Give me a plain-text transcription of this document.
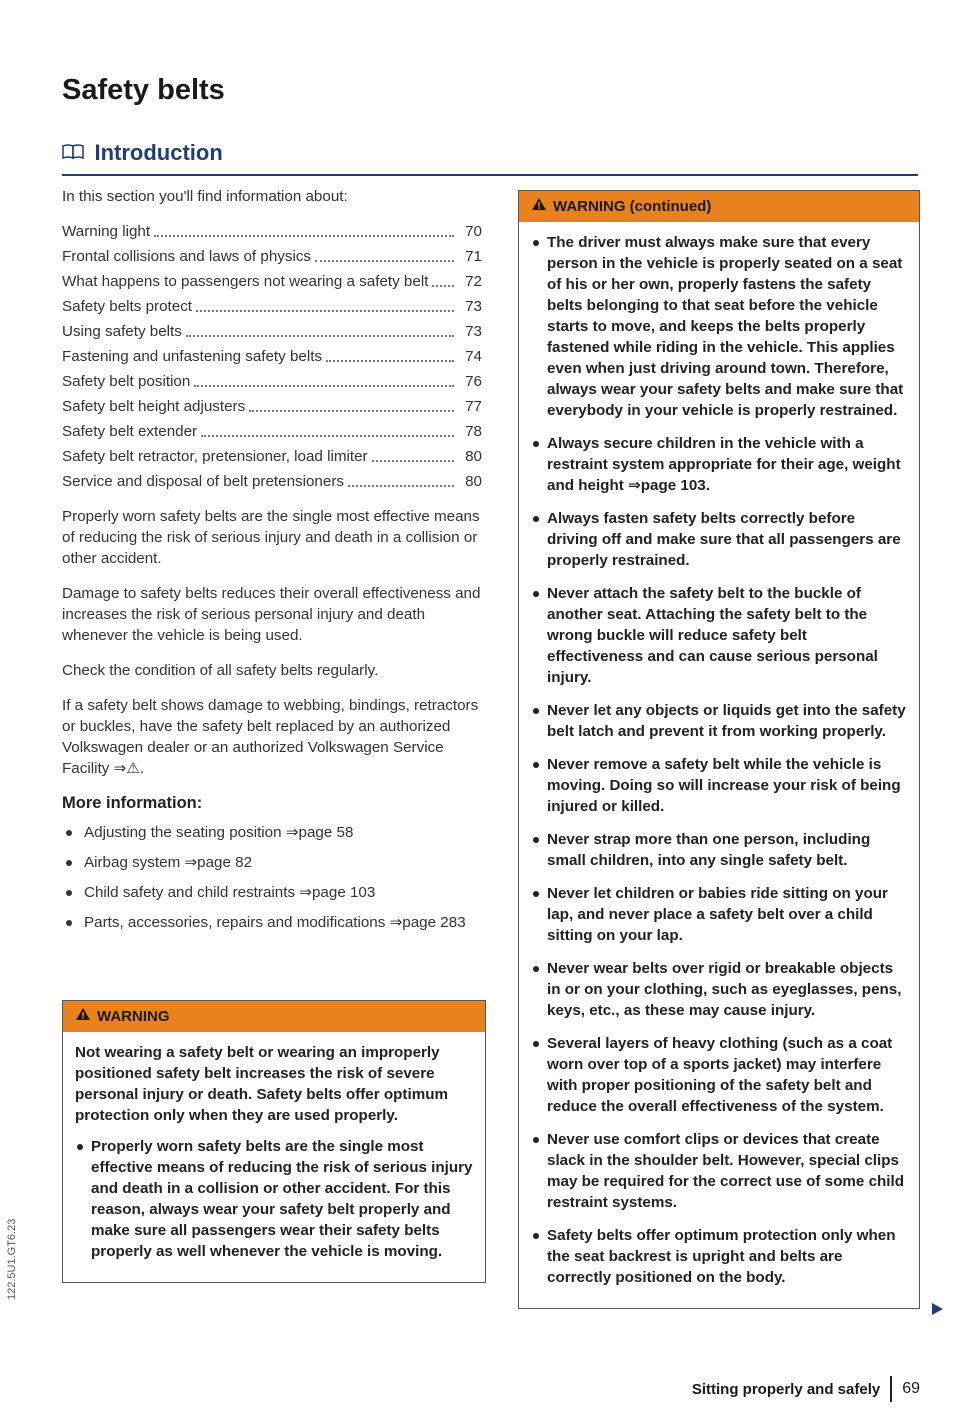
Safety belts
Introduction

In this section you'll find information about:

Warning light	70
Frontal collisions and laws of physics	71
What happens to passengers not wearing a safety belt	72
Safety belts protect	73
Using safety belts	73
Fastening and unfastening safety belts	74
Safety belt position	76
Safety belt height adjusters	77
Safety belt extender	78
Safety belt retractor, pretensioner, load limiter	80
Service and disposal of belt pretensioners	80

Properly worn safety belts are the single most effective means of reducing the risk of serious injury and death in a collision or other accident.

Damage to safety belts reduces their overall effectiveness and increases the risk of serious personal injury and death whenever the vehicle is being used.

Check the condition of all safety belts regularly.

If a safety belt shows damage to webbing, bindings, retractors or buckles, have the safety belt replaced by an authorized Volkswagen dealer or an authorized Volkswagen Service Facility ⇒⚠.

More information:
Adjusting the seating position ⇒page 58
Airbag system ⇒page 82
Child safety and child restraints ⇒page 103
Parts, accessories, repairs and modifications ⇒page 283
WARNING

Not wearing a safety belt or wearing an improperly positioned safety belt increases the risk of severe personal injury or death. Safety belts offer optimum protection only when they are used properly.

Properly worn safety belts are the single most effective means of reducing the risk of serious injury and death in a collision or other accident. For this reason, always wear your safety belt properly and make sure all passengers wear their safety belts properly as well whenever the vehicle is moving.
WARNING (continued)
The driver must always make sure that every person in the vehicle is properly seated on a seat of his or her own, properly fastens the safety belts belonging to that seat before the vehicle starts to move, and keeps the belts properly fastened while riding in the vehicle. This applies even when just driving around town. Therefore, always wear your safety belts and make sure that everybody in your vehicle is properly restrained.
Always secure children in the vehicle with a restraint system appropriate for their age, weight and height ⇒page 103.
Always fasten safety belts correctly before driving off and make sure that all passengers are properly restrained.
Never attach the safety belt to the buckle of another seat. Attaching the safety belt to the wrong buckle will reduce safety belt effectiveness and can cause serious personal injury.
Never let any objects or liquids get into the safety belt latch and prevent it from working properly.
Never remove a safety belt while the vehicle is moving. Doing so will increase your risk of being injured or killed.
Never strap more than one person, including small children, into any single safety belt.
Never let children or babies ride sitting on your lap, and never place a safety belt over a child sitting on your lap.
Never wear belts over rigid or breakable objects in or on your clothing, such as eyeglasses, pens, keys, etc., as these may cause injury.
Several layers of heavy clothing (such as a coat worn over top of a sports jacket) may interfere with proper positioning of the safety belt and reduce the overall effectiveness of the system.
Never use comfort clips or devices that create slack in the shoulder belt. However, special clips may be required for the correct use of some child restraint systems.
Safety belts offer optimum protection only when the seat backrest is upright and belts are correctly positioned on the body.
Sitting properly and safely 69
122.5U1.GT6.23
